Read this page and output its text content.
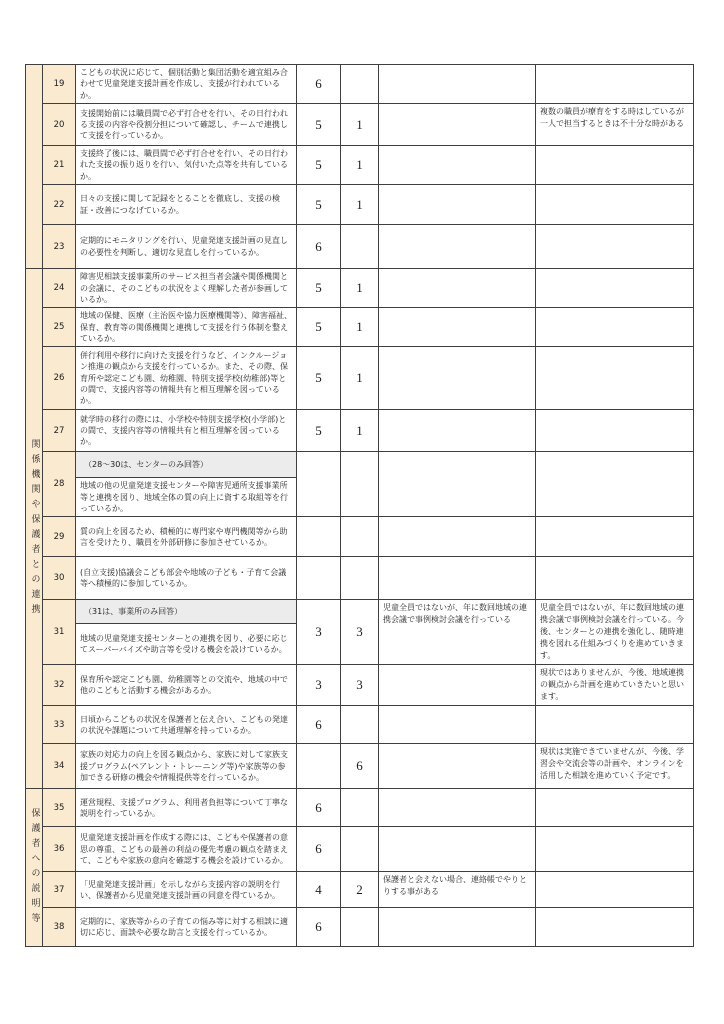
	19	こどもの状況に応じて、個別活動と集団活動を適宜組み合わせて児童発達支援計画を作成し、支援が行われているか。	6			
	20	支援開始前には職員間で必ず打合せを行い、その日行われる支援の内容や役割分担について確認し、チームで連携して支援を行っているか。	5	1		複数の職員が療育をする時はしているが一人で担当するときは不十分な時がある
	21	支援終了後には、職員間で必ず打合せを行い、その日行われた支援の振り返りを行い、気付いた点等を共有しているか。	5	1		
	22	日々の支援に関して記録をとることを徹底し、支援の検証・改善につなげているか。	5	1		
	23	定期的にモニタリングを行い、児童発達支援計画の見直しの必要性を判断し、適切な見直しを行っているか。	6			

関係機関や保護者との連携	24	障害児相談支援事業所のサービス担当者会議や関係機関との会議に、そのこどもの状況をよく理解した者が参画しているか。	5	1		
	25	地域の保健、医療（主治医や協力医療機関等）、障害福祉、保育、教育等の関係機関と連携して支援を行う体制を整えているか。	5	1		
	26	併行利用や移行に向けた支援を行うなど、インクルージョン推進の観点から支援を行っているか。また、その際、保育所や認定こども園、幼稚園、特別支援学校(幼稚部)等との間で、支援内容等の情報共有と相互理解を図っているか。	5	1		
	27	就学時の移行の際には、小学校や特別支援学校(小学部)との間で、支援内容等の情報共有と相互理解を図っているか。	5	1		
	28	（28～30は、センターのみ回答）				
		地域の他の児童発達支援センターや障害児通所支援事業所等と連携を図り、地域全体の質の向上に資する取組等を行っているか。				
	29	質の向上を図るため、積極的に専門家や専門機関等から助言を受けたり、職員を外部研修に参加させているか。				
	30	(自立支援)協議会こども部会や地域の子ども・子育て会議等へ積極的に参加しているか。				
	31	（31は、事業所のみ回答）	3	3	児童全員ではないが、年に数回地域の連携会議で事例検討会議を行っている	児童全員ではないが、年に数回地域の連携会議で事例検討会議を行っている。今後、センターとの連携を強化し、随時連携を図れる仕組みづくりを進めていきます。
		地域の児童発達支援センターとの連携を図り、必要に応じてスーパーバイズや助言等を受ける機会を設けているか。				
	32	保育所や認定こども園、幼稚園等との交流や、地域の中で他のこどもと活動する機会があるか。	3	3		現状ではありませんが、今後、地域連携の観点から計画を進めていきたいと思います。
	33	日頃からこどもの状況を保護者と伝え合い、こどもの発達の状況や課題について共通理解を持っているか。	6			
	34	家族の対応力の向上を図る観点から、家族に対して家族支援プログラム(ペアレント・トレーニング等)や家族等の参加できる研修の機会や情報提供等を行っているか。		6		現状は実施できていませんが、今後、学習会や交流会等の計画や、オンラインを活用した相談を進めていく予定です。

保護者への説明等	35	運営規程、支援プログラム、利用者負担等について丁寧な説明を行っているか。	6			
	36	児童発達支援計画を作成する際には、こどもや保護者の意思の尊重、こどもの最善の利益の優先考慮の観点を踏まえて、こどもや家族の意向を確認する機会を設けているか。	6			
	37	「児童発達支援計画」を示しながら支援内容の説明を行い、保護者から児童発達支援計画の同意を得ているか。	4	2	保護者と会えない場合、連絡帳でやりとりする事がある	
	38	定期的に、家族等からの子育ての悩み等に対する相談に適切に応じ、面談や必要な助言と支援を行っているか。	6			
